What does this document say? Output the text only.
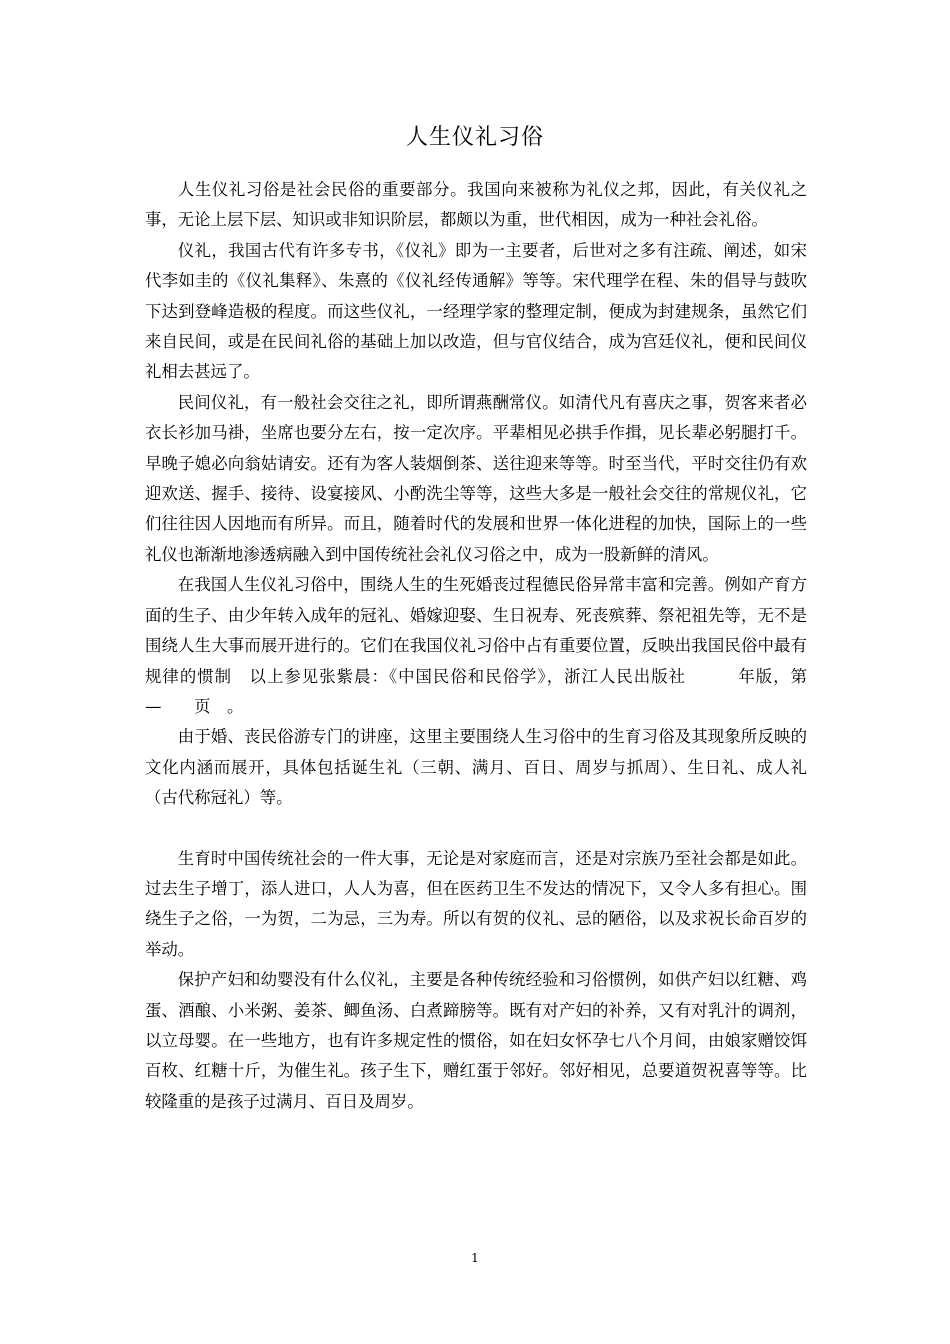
人生仪礼习俗

人生仪礼习俗是社会民俗的重要部分。我国向来被称为礼仪之邦，因此，有关仪礼之事，无论上层下层、知识或非知识阶层，都颇以为重，世代相因，成为一种社会礼俗。

仪礼，我国古代有许多专书，《仪礼》即为一主要者，后世对之多有注疏、阐述，如宋代李如圭的《仪礼集释》、朱熹的《仪礼经传通解》等等。宋代理学在程、朱的倡导与鼓吹下达到登峰造极的程度。而这些仪礼，一经理学家的整理定制，便成为封建规条，虽然它们来自民间，或是在民间礼俗的基础上加以改造，但与官仪结合，成为宫廷仪礼，便和民间仪礼相去甚远了。

民间仪礼，有一般社会交往之礼，即所谓燕酬常仪。如清代凡有喜庆之事，贺客来者必衣长衫加马褂，坐席也要分左右，按一定次序。平辈相见必拱手作揖，见长辈必躬腿打千。早晚子媳必向翁姑请安。还有为客人装烟倒茶、送往迎来等等。时至当代，平时交往仍有欢迎欢送、握手、接待、设宴接风、小酌洗尘等等，这些大多是一般社会交往的常规仪礼，它们往往因人因地而有所异。而且，随着时代的发展和世界一体化进程的加快，国际上的一些礼仪也渐渐地渗透病融入到中国传统社会礼仪习俗之中，成为一股新鲜的清风。

在我国人生仪礼习俗中，围绕人生的生死婚丧过程德民俗异常丰富和完善。例如产育方面的生子、由少年转入成年的冠礼、婚嫁迎娶、生日祝寿、死丧殡葬、祭祀祖先等，无不是围绕人生大事而展开进行的。它们在我国仪礼习俗中占有重要位置，反映出我国民俗中最有规律的惯制　以上参见张紫晨：《中国民俗和民俗学》，浙江人民出版社　　　年版，第　　—　　页　。

由于婚、丧民俗游专门的讲座，这里主要围绕人生习俗中的生育习俗及其现象所反映的文化内涵而展开，具体包括诞生礼（三朝、满月、百日、周岁与抓周）、生日礼、成人礼（古代称冠礼）等。

生育时中国传统社会的一件大事，无论是对家庭而言，还是对宗族乃至社会都是如此。过去生子增丁，添人进口，人人为喜，但在医药卫生不发达的情况下，又令人多有担心。围绕生子之俗，一为贺，二为忌，三为寿。所以有贺的仪礼、忌的陋俗，以及求祝长命百岁的举动。

保护产妇和幼婴没有什么仪礼，主要是各种传统经验和习俗惯例，如供产妇以红糖、鸡蛋、酒酿、小米粥、姜茶、鲫鱼汤、白煮蹄膀等。既有对产妇的补养，又有对乳汁的调剂，以立母婴。在一些地方，也有许多规定性的惯俗，如在妇女怀孕七八个月间，由娘家赠饺饵百枚、红糖十斤，为催生礼。孩子生下，赠红蛋于邻好。邻好相见，总要道贺祝喜等等。比较隆重的是孩子过满月、百日及周岁。

1
